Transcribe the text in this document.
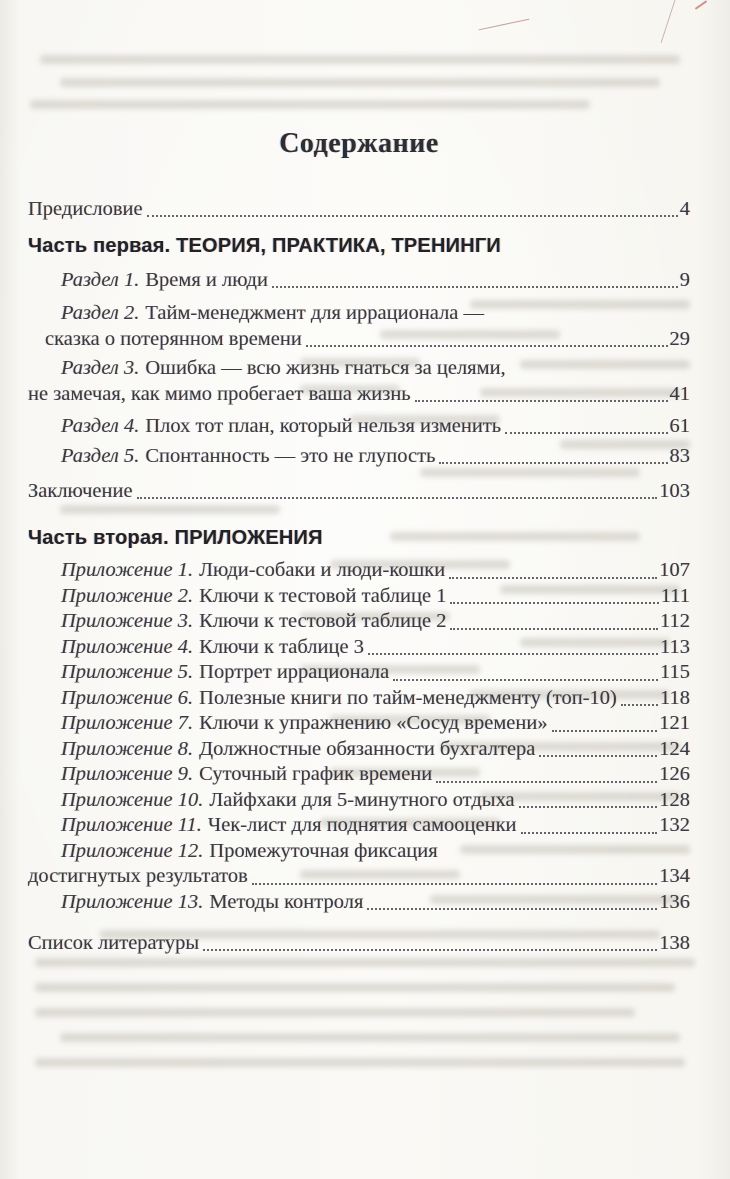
Содержание
Предисловие	4
Часть первая. ТЕОРИЯ, ПРАКТИКА, ТРЕНИНГИ
Раздел 1. Время и люди	9
Раздел 2. Тайм-менеджмент для иррационала —
сказка о потерянном времени	29
Раздел 3. Ошибка — всю жизнь гнаться за целями,
не замечая, как мимо пробегает ваша жизнь	41
Раздел 4. Плох тот план, который нельзя изменить	61
Раздел 5. Спонтанность — это не глупость	83
Заключение	103
Часть вторая. ПРИЛОЖЕНИЯ
Приложение 1. Люди-собаки и люди-кошки	107
Приложение 2. Ключи к тестовой таблице 1	111
Приложение 3. Ключи к тестовой таблице 2	112
Приложение 4. Ключи к таблице 3	113
Приложение 5. Портрет иррационала	115
Приложение 6. Полезные книги по тайм-менеджменту (топ-10) 118
Приложение 7. Ключи к упражнению «Сосуд времени»	121
Приложение 8. Должностные обязанности бухгалтера	124
Приложение 9. Суточный график времени	126
Приложение 10. Лайфхаки для 5-минутного отдыха	128
Приложение 11. Чек-лист для поднятия самооценки	132
Приложение 12. Промежуточная фиксация
достигнутых результатов	134
Приложение 13. Методы контроля	136
Список литературы	138
